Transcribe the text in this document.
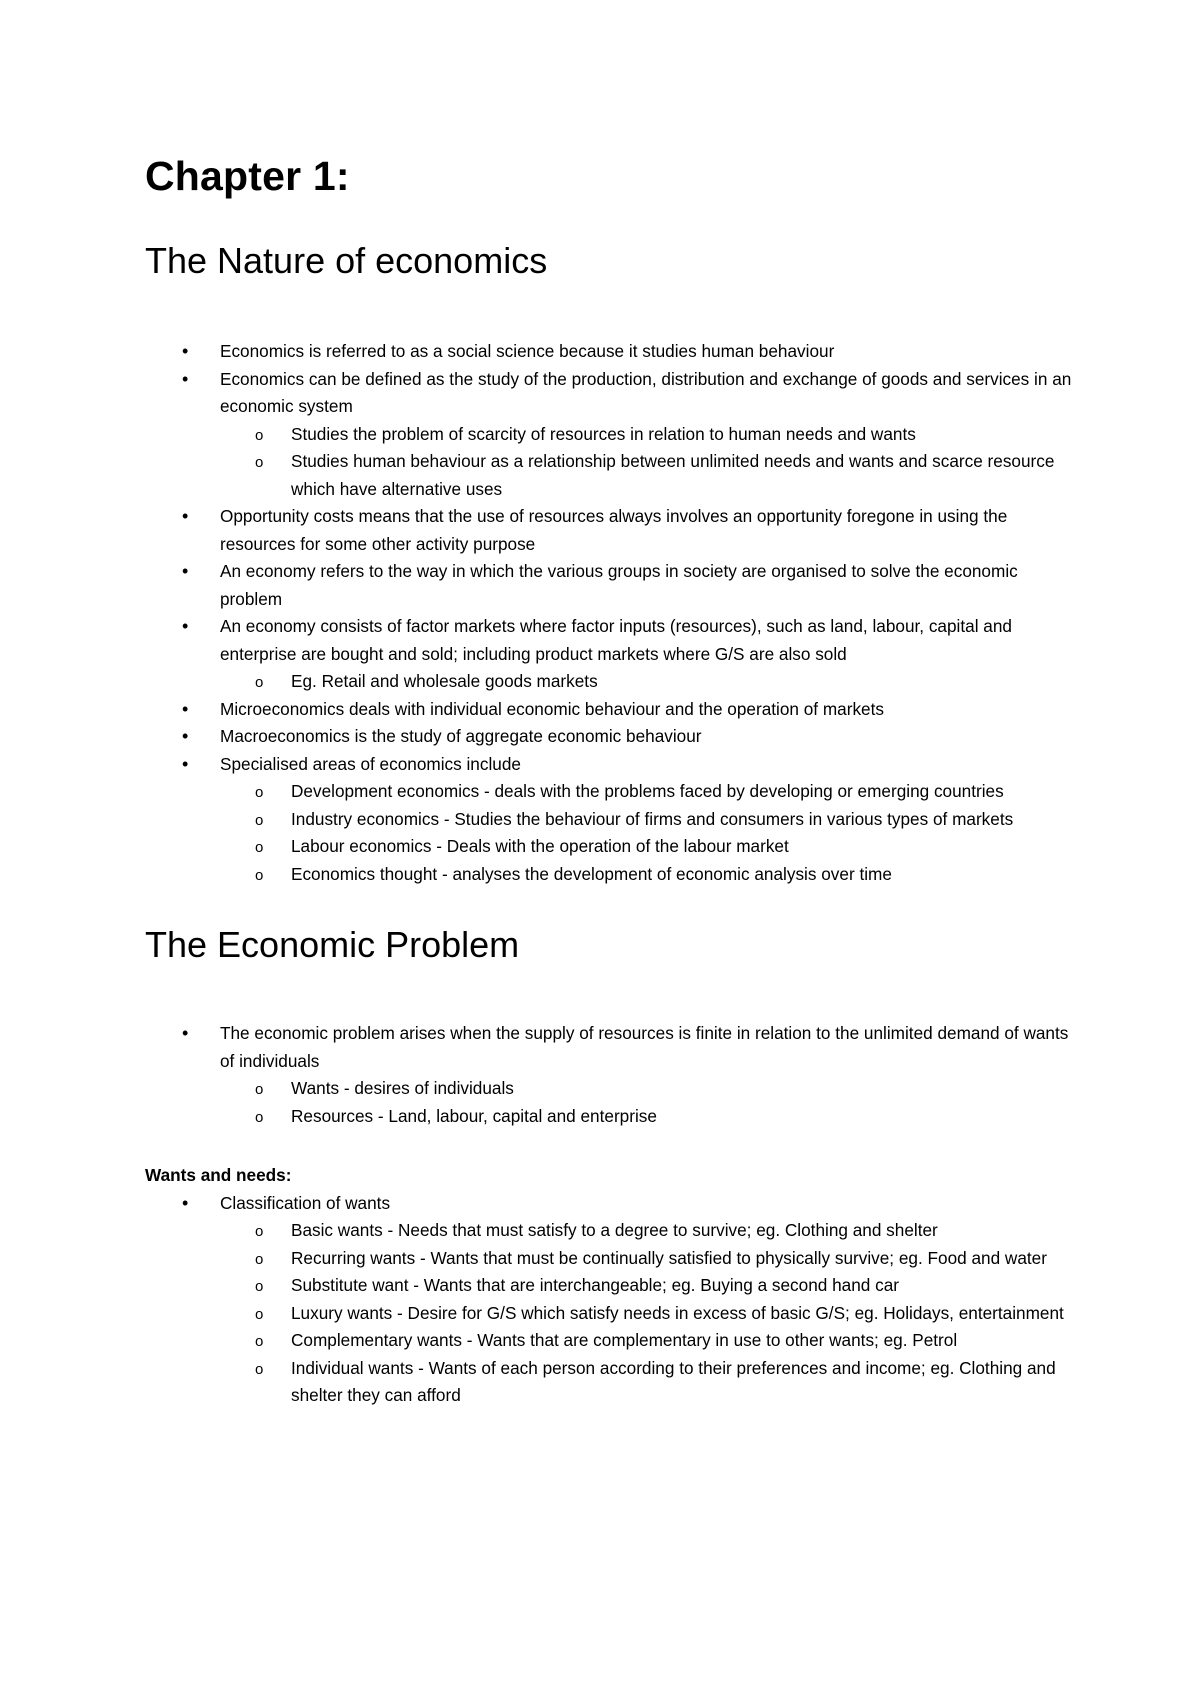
Chapter 1:
The Nature of economics
• Economics is referred to as a social science because it studies human behaviour
• Economics can be defined as the study of the production, distribution and exchange of goods and services in an economic system
o Studies the problem of scarcity of resources in relation to human needs and wants
o Studies human behaviour as a relationship between unlimited needs and wants and scarce resource which have alternative uses
• Opportunity costs means that the use of resources always involves an opportunity foregone in using the resources for some other activity purpose
• An economy refers to the way in which the various groups in society are organised to solve the economic problem
• An economy consists of factor markets where factor inputs (resources), such as land, labour, capital and enterprise are bought and sold; including product markets where G/S are also sold
o Eg. Retail and wholesale goods markets
• Microeconomics deals with individual economic behaviour and the operation of markets
• Macroeconomics is the study of aggregate economic behaviour
• Specialised areas of economics include
o Development economics - deals with the problems faced by developing or emerging countries
o Industry economics - Studies the behaviour of firms and consumers in various types of markets
o Labour economics - Deals with the operation of the labour market
o Economics thought - analyses the development of economic analysis over time
The Economic Problem
• The economic problem arises when the supply of resources is finite in relation to the unlimited demand of wants of individuals
o Wants - desires of individuals
o Resources - Land, labour, capital and enterprise
Wants and needs:
• Classification of wants
o Basic wants - Needs that must satisfy to a degree to survive; eg. Clothing and shelter
o Recurring wants - Wants that must be continually satisfied to physically survive; eg. Food and water
o Substitute want - Wants that are interchangeable; eg. Buying a second hand car
o Luxury wants - Desire for G/S which satisfy needs in excess of basic G/S; eg. Holidays, entertainment
o Complementary wants - Wants that are complementary in use to other wants; eg. Petrol
o Individual wants - Wants of each person according to their preferences and income; eg. Clothing and shelter they can afford
